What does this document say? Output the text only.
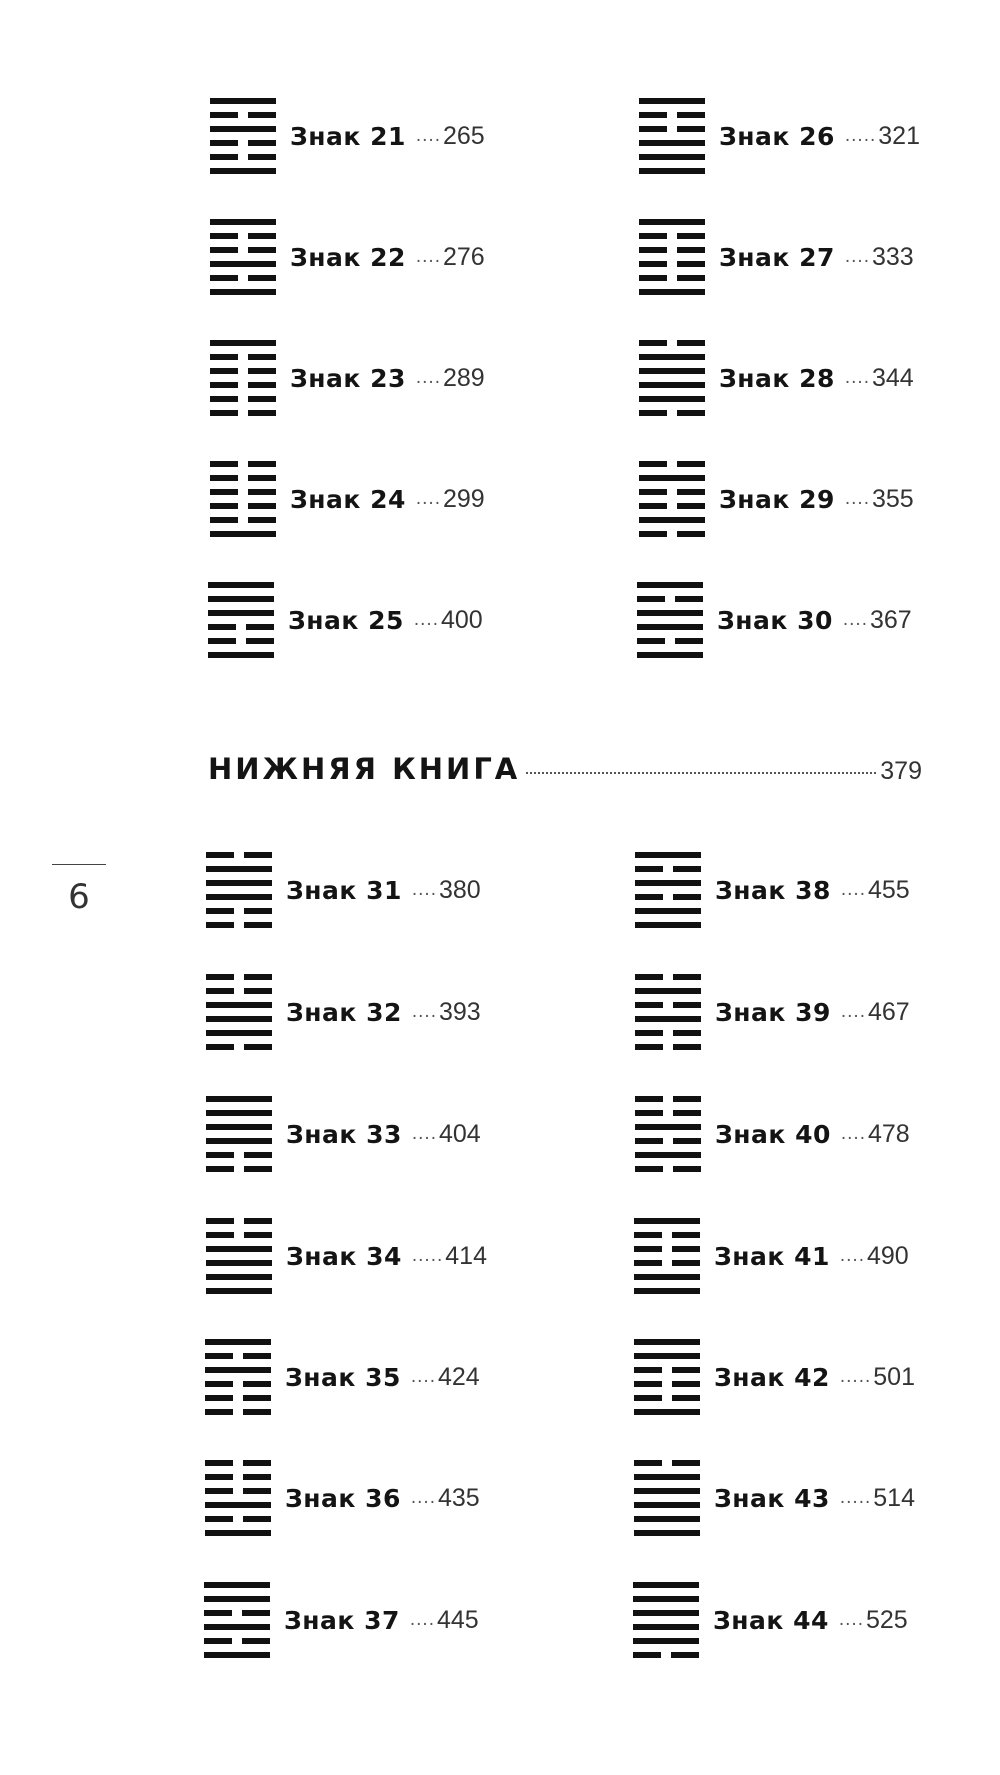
Знак 21 .... 265
Знак 22 .... 276
Знак 23 .... 289
Знак 24 .... 299
Знак 25 .... 400
Знак 26 ..... 321
Знак 27 .... 333
Знак 28 .... 344
Знак 29 .... 355
Знак 30 .... 367
НИЖНЯЯ КНИГА	379
6	Знак 31 .... 380
Знак 32 .... 393
Знак 33 .... 404
Знак 34 ..... 414
Знак 35 .... 424
Знак 36 .... 435
Знак 37 .... 445
Знак 38 .... 455
Знак 39 .... 467
Знак 40 .... 478
Знак 41 .... 490
Знак 42 ..... 501
Знак 43 ..... 514
Знак 44 .... 525
